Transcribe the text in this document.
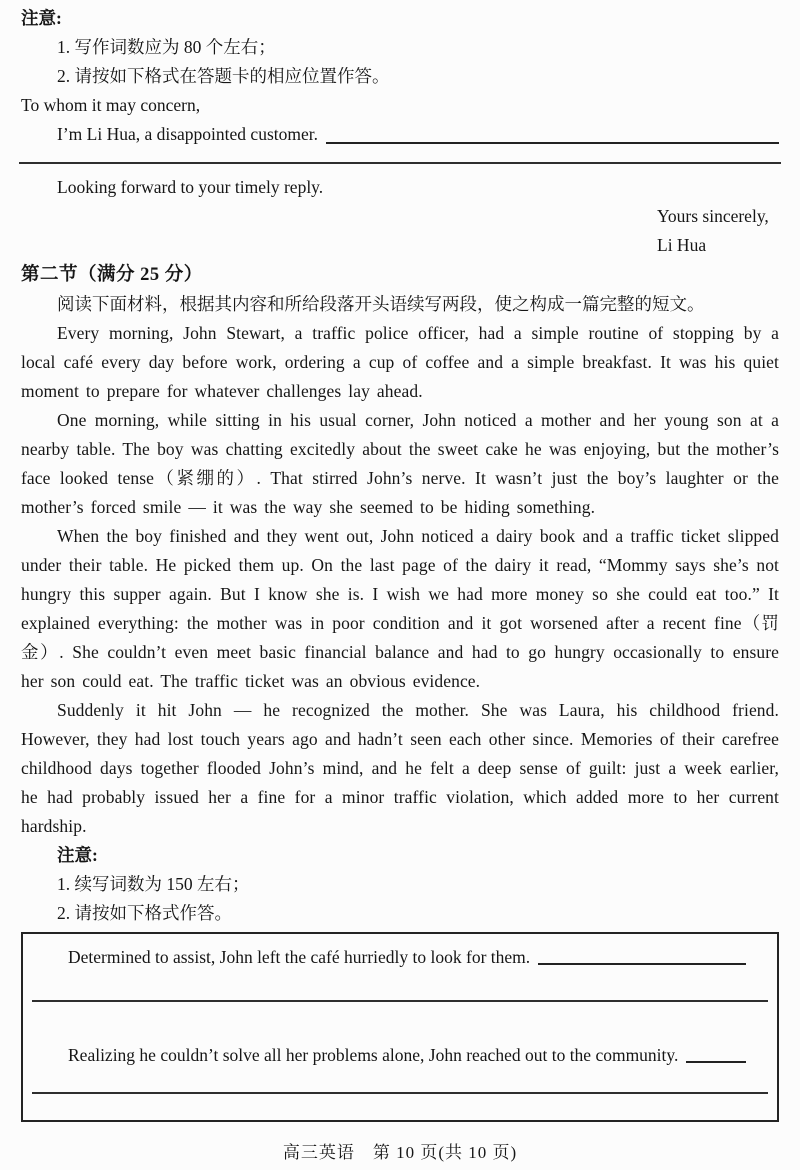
注意:
1. 写作词数应为 80 个左右；
2. 请按如下格式在答题卡的相应位置作答。
To whom it may concern,
I’m Li Hua, a disappointed customer.
Looking forward to your timely reply.
Yours sincerely,
Li Hua
第二节（满分 25 分）
阅读下面材料，根据其内容和所给段落开头语续写两段，使之构成一篇完整的短文。

Every morning, John Stewart, a traffic police officer, had a simple routine of stopping by a local café every day before work, ordering a cup of coffee and a simple breakfast. It was his quiet moment to prepare for whatever challenges lay ahead.

One morning, while sitting in his usual corner, John noticed a mother and her young son at a nearby table. The boy was chatting excitedly about the sweet cake he was enjoying, but the mother’s face looked tense（紧绷的）. That stirred John’s nerve. It wasn’t just the boy’s laughter or the mother’s forced smile — it was the way she seemed to be hiding something.

When the boy finished and they went out, John noticed a dairy book and a traffic ticket slipped under their table. He picked them up. On the last page of the dairy it read, “Mommy says she’s not hungry this supper again. But I know she is. I wish we had more money so she could eat too.” It explained everything: the mother was in poor condition and it got worsened after a recent fine（罚金）. She couldn’t even meet basic financial balance and had to go hungry occasionally to ensure her son could eat. The traffic ticket was an obvious evidence.

Suddenly it hit John — he recognized the mother. She was Laura, his childhood friend. However, they had lost touch years ago and hadn’t seen each other since. Memories of their carefree childhood days together flooded John’s mind, and he felt a deep sense of guilt: just a week earlier, he had probably issued her a fine for a minor traffic violation, which added more to her current hardship.

注意:
1. 续写词数为 150 左右；
2. 请按如下格式作答。
Determined to assist, John left the café hurriedly to look for them.
Realizing he couldn’t solve all her problems alone, John reached out to the community.
高三英语　第 10 页(共 10 页)
